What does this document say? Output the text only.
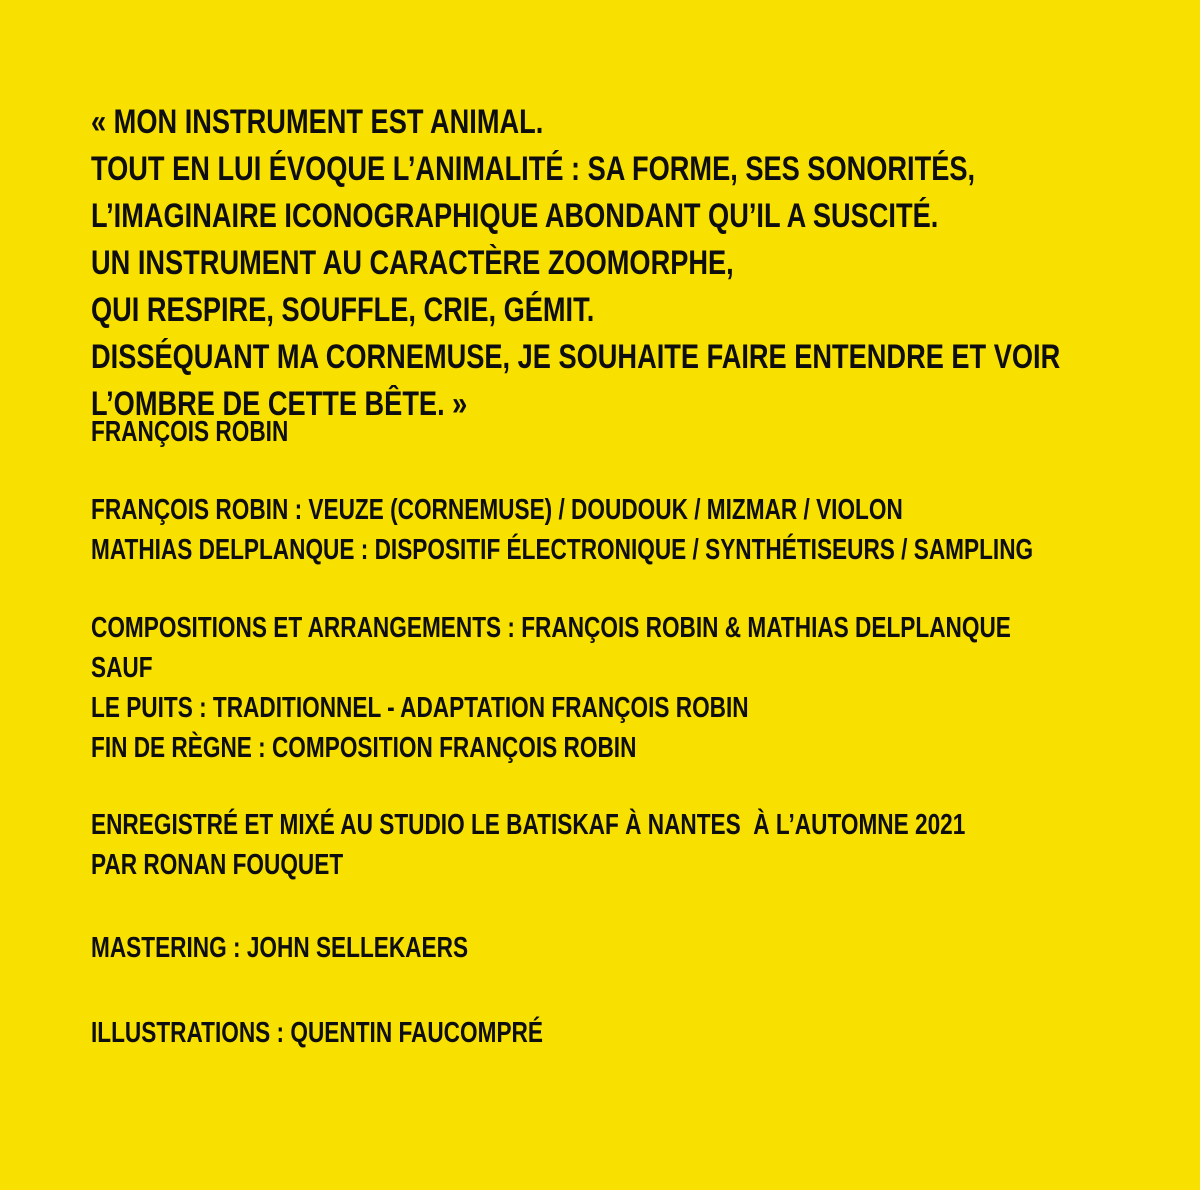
« MON INSTRUMENT EST ANIMAL.
TOUT EN LUI ÉVOQUE L’ANIMALITÉ : SA FORME, SES SONORITÉS,
L’IMAGINAIRE ICONOGRAPHIQUE ABONDANT QU’IL A SUSCITÉ.
UN INSTRUMENT AU CARACTÈRE ZOOMORPHE,
QUI RESPIRE, SOUFFLE, CRIE, GÉMIT.
DISSÉQUANT MA CORNEMUSE, JE SOUHAITE FAIRE ENTENDRE ET VOIR
L’OMBRE DE CETTE BÊTE. »
FRANÇOIS ROBIN
FRANÇOIS ROBIN : VEUZE (CORNEMUSE) / DOUDOUK / MIZMAR / VIOLON
MATHIAS DELPLANQUE : DISPOSITIF ÉLECTRONIQUE / SYNTHÉTISEURS / SAMPLING
COMPOSITIONS ET ARRANGEMENTS : FRANÇOIS ROBIN & MATHIAS DELPLANQUE
SAUF
LE PUITS : TRADITIONNEL - ADAPTATION FRANÇOIS ROBIN
FIN DE RÈGNE : COMPOSITION FRANÇOIS ROBIN
ENREGISTRÉ ET MIXÉ AU STUDIO LE BATISKAF À NANTES  À L’AUTOMNE 2021
PAR RONAN FOUQUET
MASTERING : JOHN SELLEKAERS
ILLUSTRATIONS : QUENTIN FAUCOMPRÉ
